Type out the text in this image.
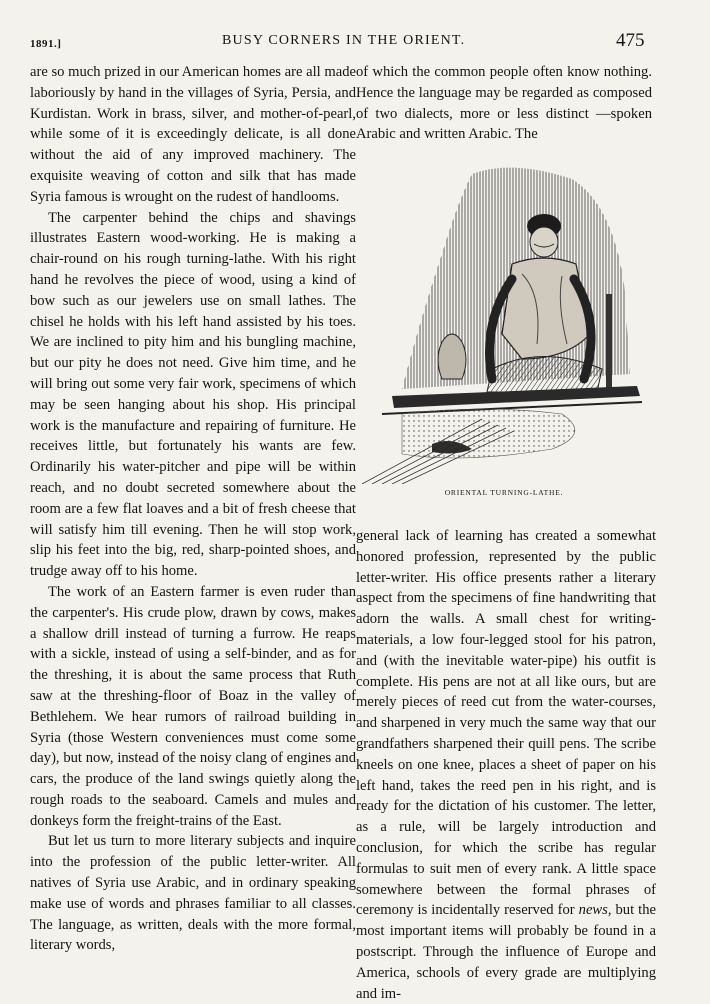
1891.]	BUSY CORNERS IN THE ORIENT.	475

are so much prized in our American homes are all made laboriously by hand in the villages of Syria, Persia, and Kurdistan. Work in brass, silver, and mother-of-pearl, while some of it is exceedingly delicate, is all done without the aid of any improved machinery. The exquisite weaving of cotton and silk that has made Syria famous is wrought on the rudest of handlooms.

The carpenter behind the chips and shavings illustrates Eastern wood-working. He is making a chair-round on his rough turning-lathe. With his right hand he revolves the piece of wood, using a kind of bow such as our jewelers use on small lathes. The chisel he holds with his left hand assisted by his toes. We are inclined to pity him and his bungling machine, but our pity he does not need. Give him time, and he will bring out some very fair work, specimens of which may be seen hanging about his shop. His principal work is the manufacture and repairing of furniture. He receives little, but fortunately his wants are few. Ordinarily his water-pitcher and pipe will be within reach, and no doubt secreted somewhere about the room are a few flat loaves and a bit of fresh cheese that will satisfy him till evening. Then he will stop work, slip his feet into the big, red, sharp-pointed shoes, and trudge away off to his home.

The work of an Eastern farmer is even ruder than the carpenter's. His crude plow, drawn by cows, makes a shallow drill instead of turning a furrow. He reaps with a sickle, instead of using a self-binder, and as for the threshing, it is about the same process that Ruth saw at the threshing-floor of Boaz in the valley of Bethlehem. We hear rumors of railroad building in Syria (those Western conveniences must come some day), but now, instead of the noisy clang of engines and cars, the produce of the land swings quietly along the rough roads to the seaboard. Camels and mules and donkeys form the freight-trains of the East.

But let us turn to more literary subjects and inquire into the profession of the public letter-writer. All natives of Syria use Arabic, and in ordinary speaking make use of words and phrases familiar to all classes. The language, as written, deals with the more formal, literary words,

of which the common people often know nothing. Hence the language may be regarded as composed of two dialects, more or less distinct —spoken Arabic and written Arabic. The

ORIENTAL TURNING-LATHE.

general lack of learning has created a somewhat honored profession, represented by the public letter-writer. His office presents rather a literary aspect from the specimens of fine handwriting that adorn the walls. A small chest for writing-materials, a low four-legged stool for his patron, and (with the inevitable water-pipe) his outfit is complete. His pens are not at all like ours, but are merely pieces of reed cut from the water-courses, and sharpened in very much the same way that our grandfathers sharpened their quill pens. The scribe kneels on one knee, places a sheet of paper on his left hand, takes the reed pen in his right, and is ready for the dictation of his customer. The letter, as a rule, will be largely introduction and conclusion, for which the scribe has regular formulas to suit men of every rank. A little space somewhere between the formal phrases of ceremony is incidentally reserved for news, but the most important items will probably be found in a postscript. Through the influence of Europe and America, schools of every grade are multiplying and im-
